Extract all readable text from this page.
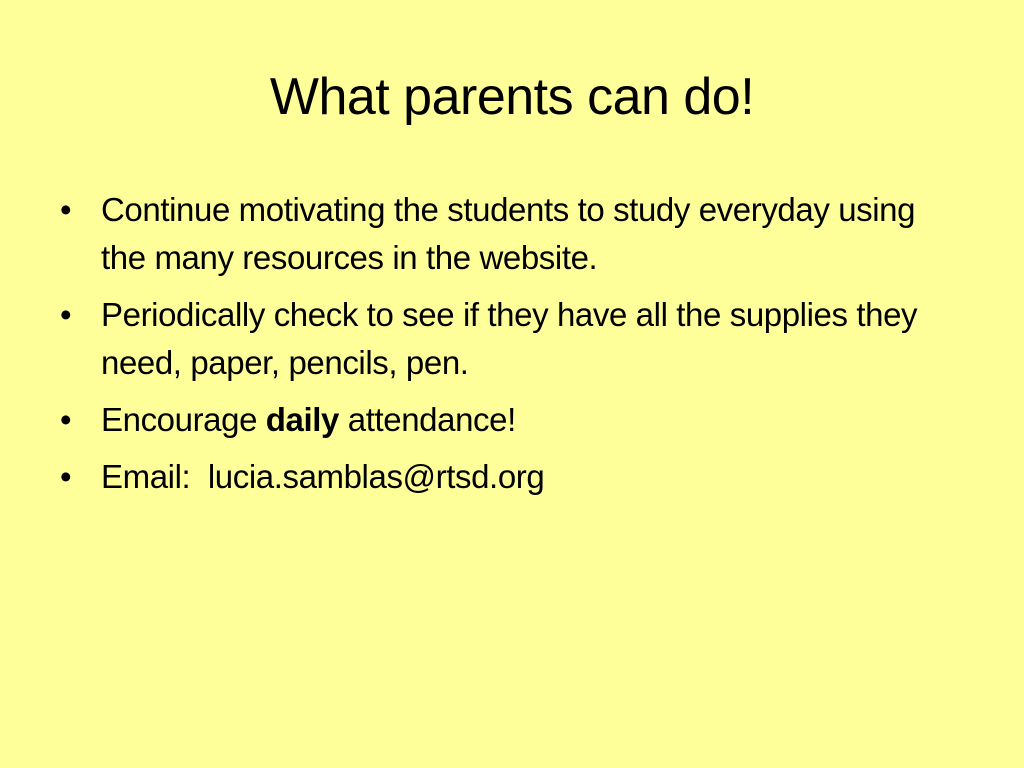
What parents can do!
• Continue motivating the students to study everyday using the many resources in the website.
• Periodically check to see if they have all the supplies they need, paper, pencils, pen.
• Encourage daily attendance!
• Email:  lucia.samblas@rtsd.org
